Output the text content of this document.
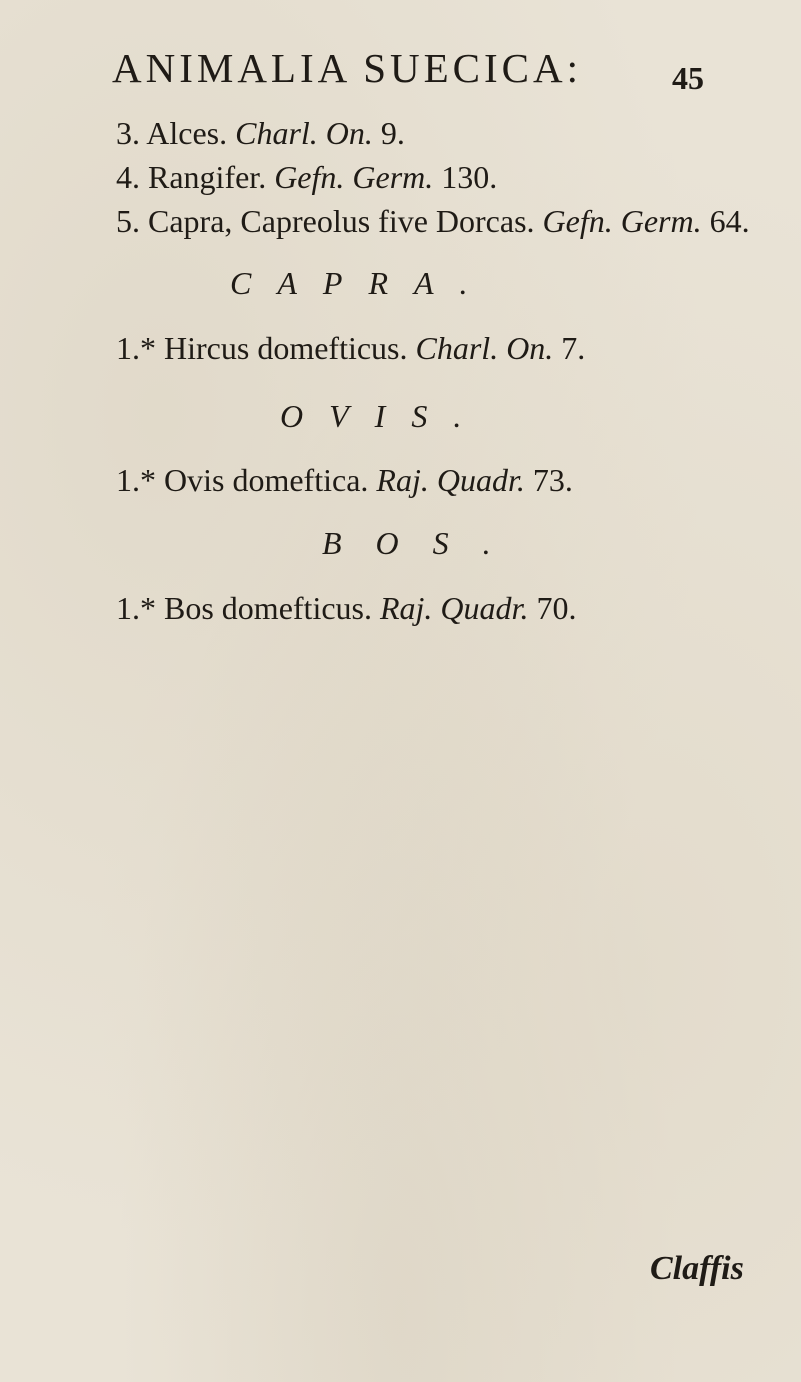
ANIMALIA SUECICA:	45
3. Alces. Charl. On. 9.
4. Rangifer. Gefn. Germ. 130.
5. Capra, Capreolus five Dorcas. Gefn. Germ. 64.
CAPRA.
1.* Hircus domefticus. Charl. On. 7.
OVIS.
1.* Ovis domeftica. Raj. Quadr. 73.
BOS.
1.* Bos domefticus. Raj. Quadr. 70.
Claffis
